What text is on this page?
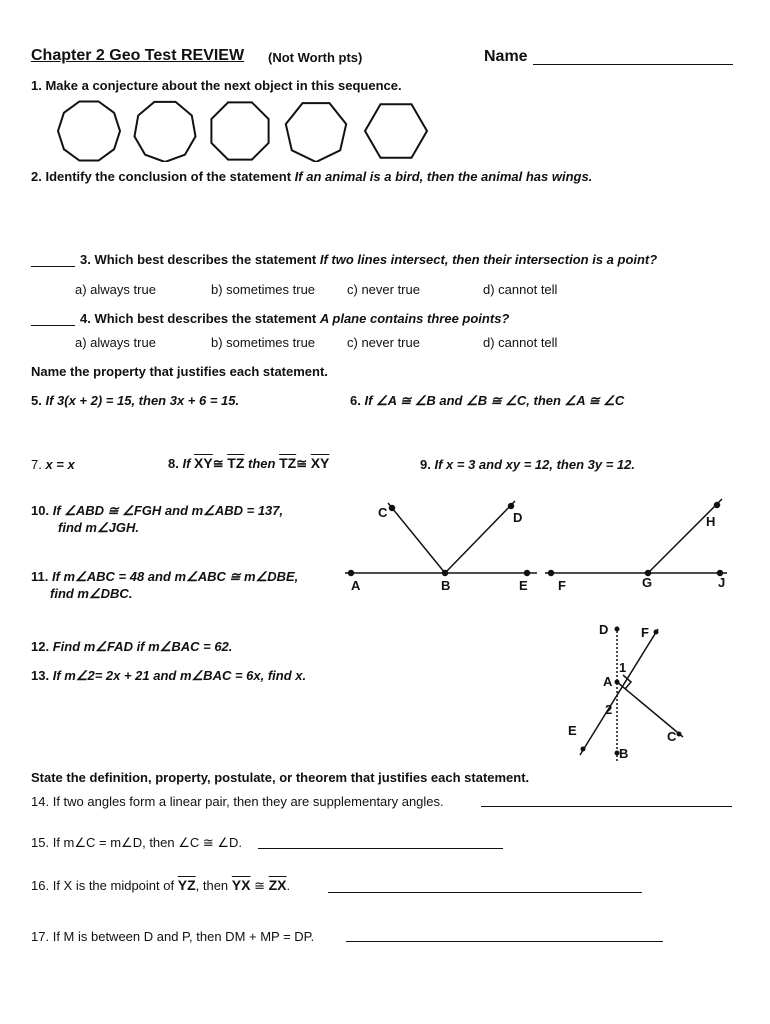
Chapter 2 Geo Test REVIEW (Not Worth pts)	Name
1. Make a conjecture about the next object in this sequence.
2. Identify the conclusion of the statement If an animal is a bird, then the animal has wings.
3. Which best describes the statement If two lines intersect, then their intersection is a point?
a) always true	b) sometimes true c) never true	d) cannot tell
4. Which best describes the statement A plane contains three points?
a) always true	b) sometimes true c) never true	d) cannot tell
Name the property that justifies each statement.
5. If 3(x + 2) = 15, then 3x + 6 = 15.	6. If ∠A ≅ ∠B and ∠B ≅ ∠C, then ∠A ≅ ∠C
7. x = x	8. If $\overline{XY}≅$ $\overline{TZ}$ then $\overline{TZ}≅$ $\overline{XY}$	9. If x = 3 and xy = 12, then 3y = 12.
10. If ∠ABD ≅ ∠FGH and m∠ABD = 137,
find m∠JGH.
11. If m∠ABC = 48 and m∠ABC ≅ m∠DBE,
find m∠DBC.
12. Find m∠FAD if m∠BAC = 62.
13. If m∠2= 2x + 21 and m∠BAC = 6x, find x.
C	D
A	B	E
H
F	G	J
D	F
A
1
2
E	C
B
State the definition, property, postulate, or theorem that justifies each statement.
14. If two angles form a linear pair, then they are supplementary angles.
15. If m∠C = m∠D, then ∠C ≅ ∠D.
16. If X is the midpoint of $\overline{YZ}$, then $\overline{YX}$ ≅ $\overline{ZX}$.
17. If M is between D and P, then DM + MP = DP.
